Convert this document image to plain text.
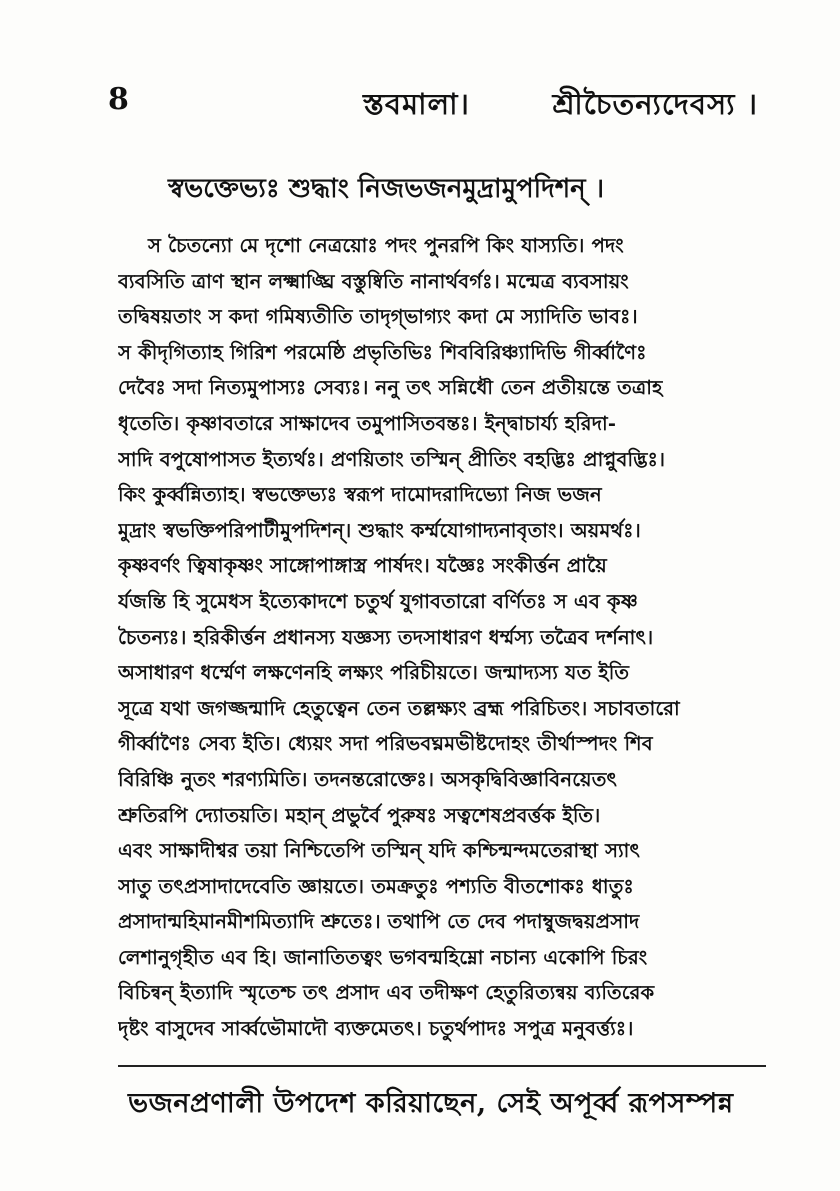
8	স্তবমালা।	শ্রীচৈতন্যদেবস্য ।
স্বভক্তেভ্যঃ শুদ্ধাং নিজভজনমুদ্রামুপদিশন্ ।
স চৈতন্যো মে দৃশো নেত্রয়োঃ পদং পুনরপি কিং যাস্যতি। পদং
ব্যবসিতি ত্রাণ স্থান লক্ষ্মাঙ্ঘ্রি বস্তুষ্বিতি নানার্থবর্গঃ। মন্মেত্র ব্যবসায়ং
তদ্বিষয়তাং স কদা গমিষ্যতীতি তাদৃগ্ভাগ্যং কদা মে স্যাদিতি ভাবঃ।
স কীদৃগিত্যাহ গিরিশ পরমেষ্ঠি প্রভৃতিভিঃ শিববিরিঞ্চ্যাদিভি গীর্ব্বাণৈঃ
দেবৈঃ সদা নিত্যমুপাস্যঃ সেব্যঃ। ননু তৎ সন্নিধৌ তেন প্রতীয়ন্তে তত্রাহ
ধৃতেতি। কৃষ্ণাবতারে সাক্ষাদেব তমুপাসিতবন্তঃ। ইন্দ্বাচার্য্য হরিদা-
সাদি বপুষোপাসত ইত্যর্থঃ। প্রণয়িতাং তস্মিন্ প্রীতিং বহদ্ভিঃ প্রাপ্নুবদ্ভিঃ।
কিং কুর্ব্বন্নিত্যাহ। স্বভক্তেভ্যঃ স্বরূপ দামোদরাদিভ্যো নিজ ভজন
মুদ্রাং স্বভক্তিপরিপাটীমুপদিশন্। শুদ্ধাং কর্ম্মযোগাদ্যনাবৃতাং। অয়মর্থঃ।
কৃষ্ণবর্ণং ত্বিষাকৃষ্ণং সাঙ্গোপাঙ্গাস্ত্র পার্ষদং। যজ্ঞৈঃ সংকীর্ত্তন প্রায়ৈ
র্যজন্তি হি সুমেধস ইত্যেকাদশে চতুর্থ যুগাবতারো বর্ণিতঃ স এব কৃষ্ণ
চৈতন্যঃ। হরিকীর্ত্তন প্রধানস্য যজ্ঞস্য তদসাধারণ ধর্ম্মস্য তত্রৈব দর্শনাৎ।
অসাধারণ ধর্ম্মেণ লক্ষণেনহি লক্ষ্যং পরিচীয়তে। জন্মাদ্যস্য যত ইতি
সূত্রে যথা জগজ্জন্মাদি হেতুত্বেন তেন তল্লক্ষ্যং ব্রহ্ম পরিচিতং। সচাবতারো
গীর্ব্বাণৈঃ সেব্য ইতি। ধ্যেয়ং সদা পরিভবঘ্নমভীষ্টদোহং তীর্থাস্পদং শিব
বিরিঞ্চি নুতং শরণ্যমিতি। তদনন্তরোক্তেঃ। অসকৃদ্বিবিজ্ঞাবিনয়েতৎ
শ্রুতিরপি দ্যোতয়তি। মহান্ প্রভুর্বৈ পুরুষঃ সত্বশেষপ্রবর্ত্তক ইতি।
এবং সাক্ষাদীশ্বর তয়া নিশ্চিতেপি তস্মিন্ যদি কশ্চিন্মন্দমতেরাস্থা স্যাৎ
সাতু তৎপ্রসাদাদেবেতি জ্ঞায়তে। তমক্রতুঃ পশ্যতি বীতশোকঃ ধাতুঃ
প্রসাদান্মহিমানমীশমিত্যাদি শ্রুতেঃ। তথাপি তে দেব পদাম্বুজদ্বয়প্রসাদ
লেশানুগৃহীত এব হি। জানাতিতত্বং ভগবন্মহিম্নো নচান্য একোপি চিরং
বিচিন্বন্ ইত্যাদি স্মৃতেশ্চ তৎ প্রসাদ এব তদীক্ষণ হেতুরিত্যন্বয় ব্যতিরেক
দৃষ্টং বাসুদেব সার্ব্বভৌমাদৌ ব্যক্তমেতৎ। চতুর্থপাদঃ সপুত্ৰ মনুবর্ত্ত্যঃ।
ভজনপ্রণালী উপদেশ করিয়াছেন, সেই অপূর্ব্ব রূপসম্পন্ন
